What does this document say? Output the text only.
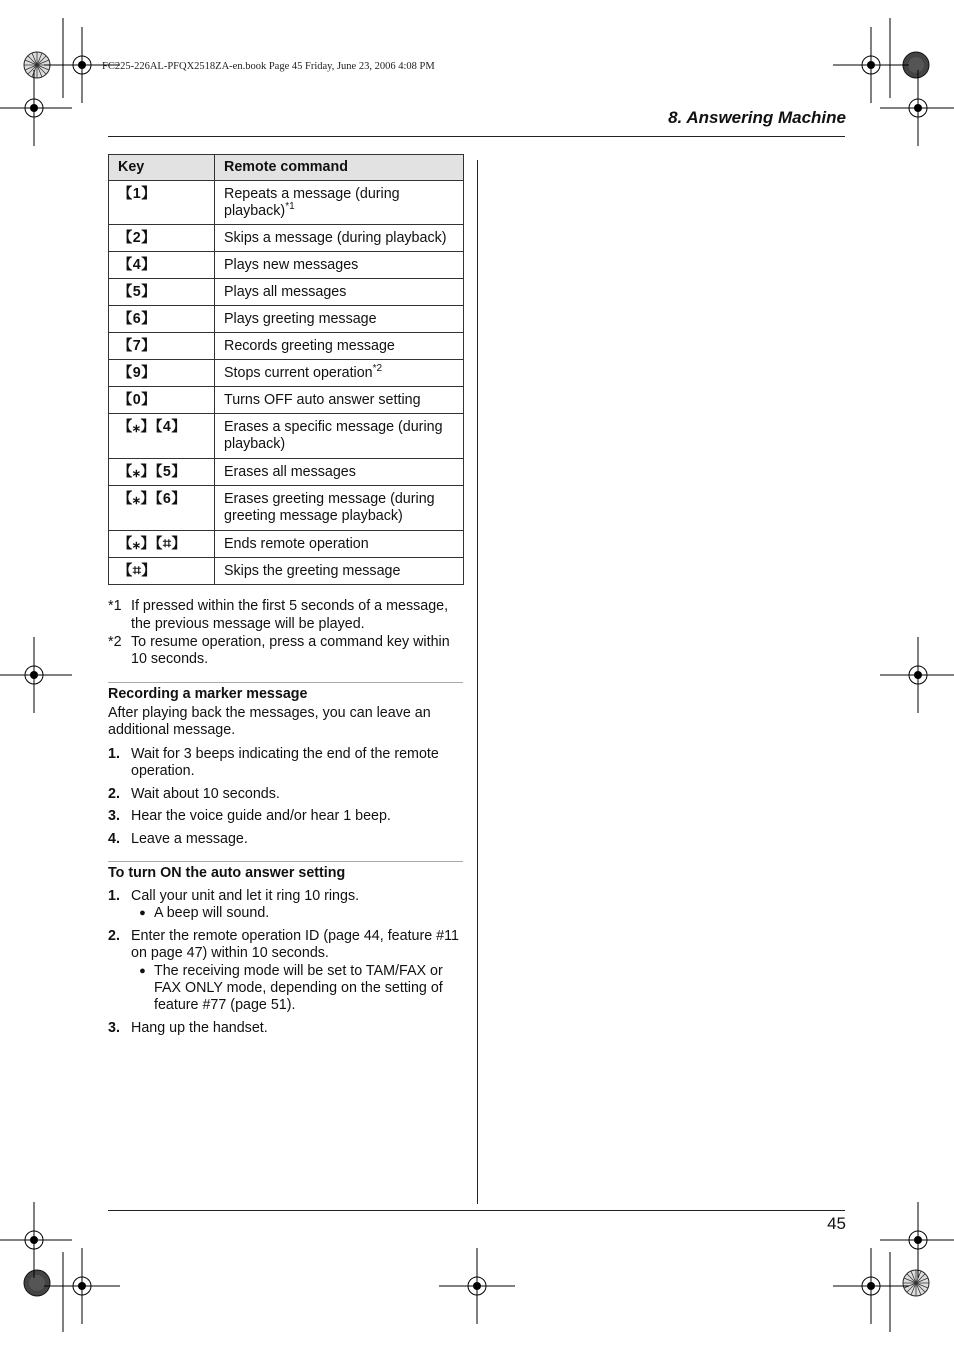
FC225-226AL-PFQX2518ZA-en.book Page 45 Friday, June 23, 2006 4:08 PM
8. Answering Machine
Key	Remote command
【1】	Repeats a message (during playback)$^{*1}$
【2】	Skips a message (during playback)
【4】	Plays new messages
【5】	Plays all messages
【6】	Plays greeting message
【7】	Records greeting message
【9】	Stops current operation$^{*2}$
【0】	Turns OFF auto answer setting
【⁎】【4】	Erases a specific message (during playback)
【⁎】【5】	Erases all messages
【⁎】【6】	Erases greeting message (during greeting message playback)
【⁎】【⌗】	Ends remote operation
【⌗】	Skips the greeting message
*1 If pressed within the first 5 seconds of a message, the previous message will be played.
*2 To resume operation, press a command key within 10 seconds.
Recording a marker message

After playing back the messages, you can leave an additional message.

1. Wait for 3 beeps indicating the end of the remote operation.
2. Wait about 10 seconds.
3. Hear the voice guide and/or hear 1 beep.
4. Leave a message.
To turn ON the auto answer setting
1. Call your unit and let it ring 10 rings.
● A beep will sound.
2. Enter the remote operation ID (page 44, feature #11 on page 47) within 10 seconds.
● The receiving mode will be set to TAM/FAX or FAX ONLY mode, depending on the setting of feature #77 (page 51).
3. Hang up the handset.
45
